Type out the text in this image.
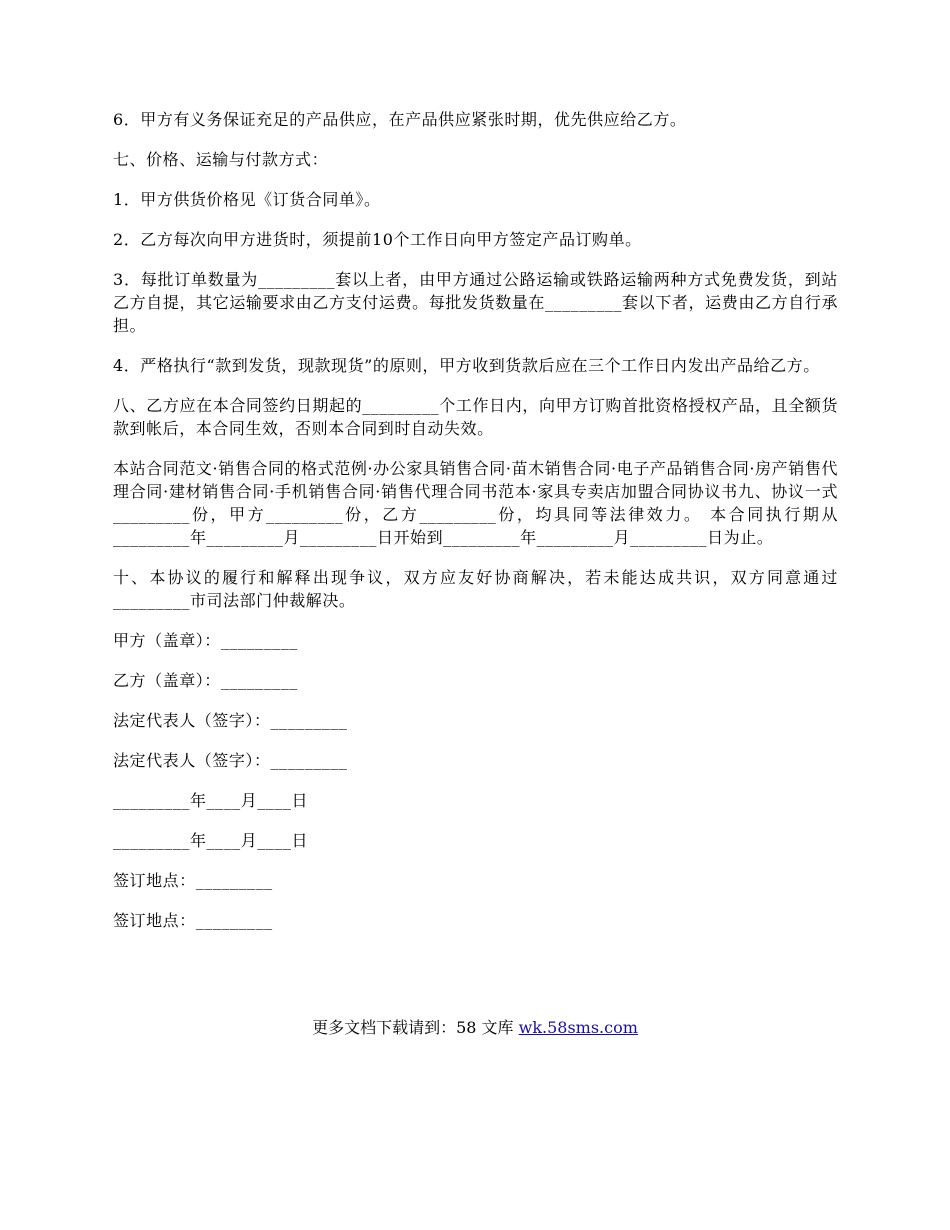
6．甲方有义务保证充足的产品供应，在产品供应紧张时期，优先供应给乙方。

七、价格、运输与付款方式：

1．甲方供货价格见《订货合同单》。

2．乙方每次向甲方进货时，须提前10个工作日向甲方签定产品订购单。

3．每批订单数量为_________套以上者，由甲方通过公路运输或铁路运输两种方式免费发货，到站乙方自提，其它运输要求由乙方支付运费。每批发货数量在_________套以下者，运费由乙方自行承担。

4．严格执行“款到发货，现款现货”的原则，甲方收到货款后应在三个工作日内发出产品给乙方。

八、乙方应在本合同签约日期起的_________个工作日内，向甲方订购首批资格授权产品，且全额货款到帐后，本合同生效，否则本合同到时自动失效。

本站合同范文·销售合同的格式范例·办公家具销售合同·苗木销售合同·电子产品销售合同·房产销售代理合同·建材销售合同·手机销售合同·销售代理合同书范本·家具专卖店加盟合同协议书九、协议一式_________份，甲方_________份，乙方_________份，均具同等法律效力。 本合同执行期从_________年_________月_________日开始到_________年_________月_________日为止。

十、本协议的履行和解释出现争议，双方应友好协商解决，若未能达成共识，双方同意通过_________市司法部门仲裁解决。

甲方（盖章）：_________

乙方（盖章）：_________

法定代表人（签字）：_________

法定代表人（签字）：_________

_________年____月____日

_________年____月____日

签订地点：_________

签订地点：_________

更多文档下载请到：58 文库 wk.58sms.com
